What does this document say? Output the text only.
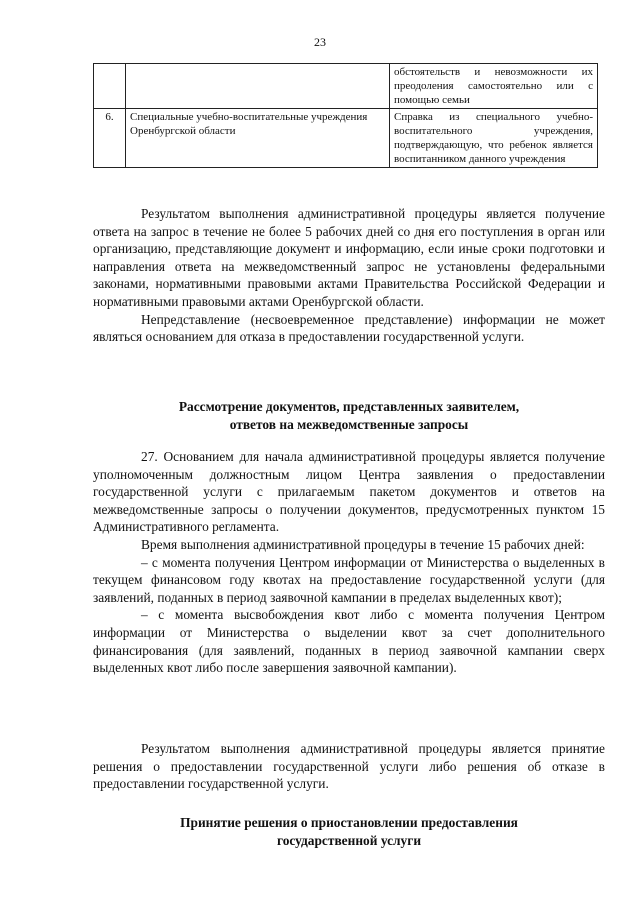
23
		обстоятельств и невозможности их преодоления самостоятельно или с помощью семьи
6.	Специальные учебно-воспитательные учреждения Оренбургской области	Справка из специального учебно-воспитательного учреждения, подтверждающую, что ребенок является воспитанником данного учреждения

Результатом выполнения административной процедуры является получение ответа на запрос в течение не более 5 рабочих дней со дня его поступления в орган или организацию, представляющие документ и информацию, если иные сроки подготовки и направления ответа на межведомственный запрос не установлены федеральными законами, нормативными правовыми актами Правительства Российской Федерации и нормативными правовыми актами Оренбургской области.

Непредставление (несвоевременное представление) информации не может являться основанием для отказа в предоставлении государственной услуги.

Рассмотрение документов, представленных заявителем,
ответов на межведомственные запросы

27. Основанием для начала административной процедуры является получение уполномоченным должностным лицом Центра заявления о предоставлении государственной услуги с прилагаемым пакетом документов и ответов на межведомственные запросы о получении документов, предусмотренных пунктом 15 Административного регламента.

Время выполнения административной процедуры в течение 15 рабочих дней:

– с момента получения Центром информации от Министерства о выделенных в текущем финансовом году квотах на предоставление государственной услуги (для заявлений, поданных в период заявочной кампании в пределах выделенных квот);

– с момента высвобождения квот либо с момента получения Центром информации от Министерства о выделении квот за счет дополнительного финансирования (для заявлений, поданных в период заявочной кампании сверх выделенных квот либо после завершения заявочной кампании).

Результатом выполнения административной процедуры является принятие решения о предоставлении государственной услуги либо решения об отказе в предоставлении государственной услуги.

Принятие решения о приостановлении предоставления
государственной услуги
